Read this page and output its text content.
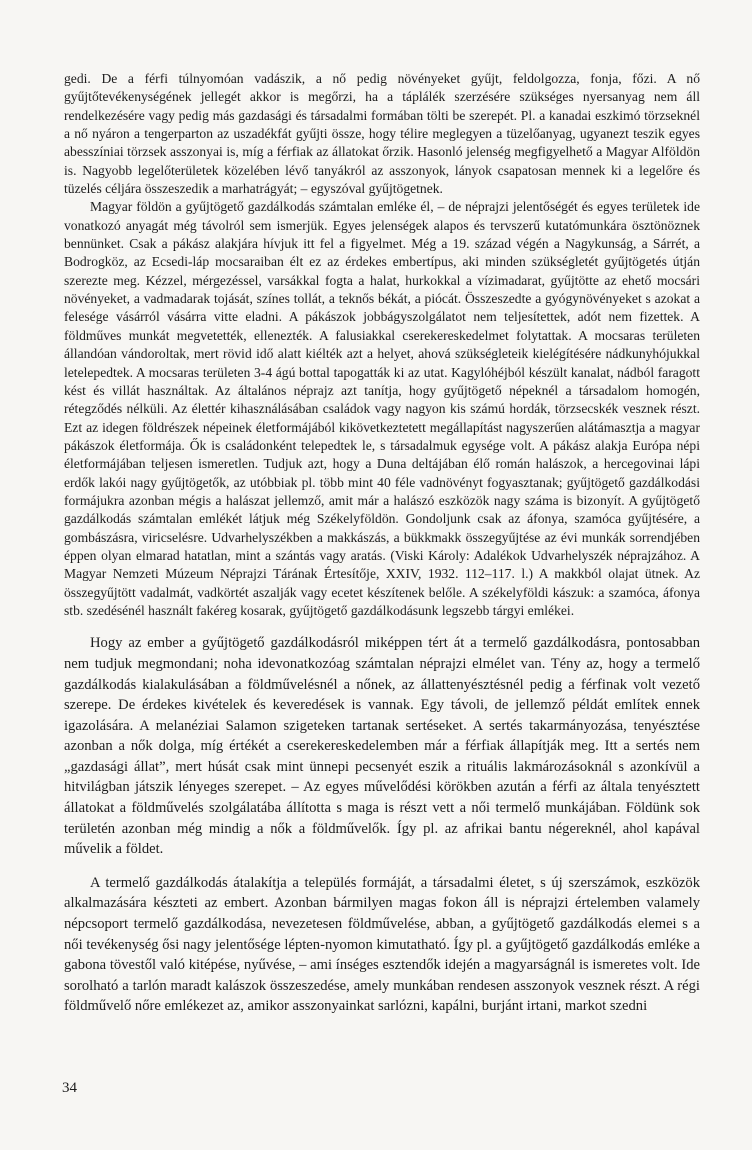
gedi. De a férfi túlnyomóan vadászik, a nő pedig növényeket gyűjt, feldolgozza, fonja, főzi. A nő gyűjtőtevékenységének jellegét akkor is megőrzi, ha a táplálék szerzésére szükséges nyersanyag nem áll rendelkezésére vagy pedig más gazdasági és társadalmi formában tölti be szerepét. Pl. a kanadai eszkimó törzseknél a nő nyáron a tengerparton az uszadékfát gyűjti össze, hogy télire meglegyen a tüzelőanyag, ugyanezt teszik egyes abesszíniai törzsek asszonyai is, míg a férfiak az állatokat őrzik. Hasonló jelenség megfigyelhető a Magyar Alföldön is. Nagyobb legelőterületek közelében lévő tanyákról az asszonyok, lányok csapatosan mennek ki a legelőre és tüzelés céljára összeszedik a marhatrágyát; – egyszóval gyűjtögetnek.

Magyar földön a gyűjtögető gazdálkodás számtalan emléke él, – de néprajzi jelentőségét és egyes területek ide vonatkozó anyagát még távolról sem ismerjük. Egyes jelenségek alapos és tervszerű kutatómunkára ösztönöznek bennünket. Csak a pákász alakjára hívjuk itt fel a figyelmet. Még a 19. század végén a Nagykunság, a Sárrét, a Bodrogköz, az Ecsedi-láp mocsaraiban élt ez az érdekes embertípus, aki minden szükségletét gyűjtögetés útján szerezte meg. Kézzel, mérgezéssel, varsákkal fogta a halat, hurkokkal a vízimadarat, gyűjtötte az ehető mocsári növényeket, a vadmadarak tojását, színes tollát, a teknős békát, a piócát. Összeszedte a gyógynövényeket s azokat a felesége vásárról vásárra vitte eladni. A pákászok jobbágyszolgálatot nem teljesítettek, adót nem fizettek. A földműves munkát megvetették, ellenezték. A falusiakkal cserekereskedelmet folytattak. A mocsaras területen állandóan vándoroltak, mert rövid idő alatt kiélték azt a helyet, ahová szükségleteik kielégítésére nádkunyhójukkal letelepedtek. A mocsaras területen 3-4 ágú bottal tapogatták ki az utat. Kagylóhéjból készült kanalat, nádból faragott kést és villát használtak. Az általános néprajz azt tanítja, hogy gyűjtögető népeknél a társadalom homogén, rétegződés nélküli. Az élettér kihasználásában családok vagy nagyon kis számú hordák, törzsecskék vesznek részt. Ezt az idegen földrészek népeinek életformájából kikövetkeztetett megállapítást nagyszerűen alátámasztja a magyar pákászok életformája. Ők is családonként telepedtek le, s társadalmuk egysége volt. A pákász alakja Európa népi életformájában teljesen ismeretlen. Tudjuk azt, hogy a Duna deltájában élő román halászok, a hercegovinai lápi erdők lakói nagy gyűjtögetők, az utóbbiak pl. több mint 40 féle vadnövényt fogyasztanak; gyűjtögető gazdálkodási formájukra azonban mégis a halászat jellemző, amit már a halászó eszközök nagy száma is bizonyít. A gyűjtögető gazdálkodás számtalan emlékét látjuk még Székelyföldön. Gondoljunk csak az áfonya, szamóca gyűjtésére, a gombászásra, viricselésre. Udvarhelyszékben a makkászás, a bükkmakk összegyűjtése az évi munkák sorrendjében éppen olyan elmarad hatatlan, mint a szántás vagy aratás. (Viski Károly: Adalékok Udvarhelyszék néprajzához. A Magyar Nemzeti Múzeum Néprajzi Tárának Értesítője, XXIV, 1932. 112–117. l.) A makkból olajat ütnek. Az összegyűjtött vadalmát, vadkörtét aszalják vagy ecetet készítenek belőle. A székelyföldi kászuk: a szamóca, áfonya stb. szedésénél használt fakéreg kosarak, gyűjtögető gazdálkodásunk legszebb tárgyi emlékei.

Hogy az ember a gyűjtögető gazdálkodásról miképpen tért át a termelő gazdálkodásra, pontosabban nem tudjuk megmondani; noha idevonatkozóag számtalan néprajzi elmélet van. Tény az, hogy a termelő gazdálkodás kialakulásában a földművelésnél a nőnek, az állattenyésztésnél pedig a férfinak volt vezető szerepe. De érdekes kivételek és keveredések is vannak. Egy távoli, de jellemző példát említek ennek igazolására. A melanéziai Salamon szigeteken tartanak sertéseket. A sertés takarmányozása, tenyésztése azonban a nők dolga, míg értékét a cserekereskedelemben már a férfiak állapítják meg. Itt a sertés nem „gazdasági állat”, mert húsát csak mint ünnepi pecsenyét eszik a rituális lakmározásoknál s azonkívül a hitvilágban játszik lényeges szerepet. – Az egyes művelődési körökben azután a férfi az általa tenyésztett állatokat a földművelés szolgálatába állította s maga is részt vett a női termelő munkájában. Földünk sok területén azonban még mindig a nők a földművelők. Így pl. az afrikai bantu négereknél, ahol kapával művelik a földet.

A termelő gazdálkodás átalakítja a település formáját, a társadalmi életet, s új szerszámok, eszközök alkalmazására készteti az embert. Azonban bármilyen magas fokon áll is néprajzi értelemben valamely népcsoport termelő gazdálkodása, nevezetesen földművelése, abban, a gyűjtögető gazdálkodás elemei s a női tevékenység ősi nagy jelentősége lépten-nyomon kimutatható. Így pl. a gyűjtögető gazdálkodás emléke a gabona tövestől való kitépése, nyűvése, – ami ínséges esztendők idején a magyarságnál is ismeretes volt. Ide sorolható a tarlón maradt kalászok összeszedése, amely munkában rendesen asszonyok vesznek részt. A régi földművelő nőre emlékezet az, amikor asszonyainkat sarlózni, kapálni, burjánt irtani, markot szedni

34
